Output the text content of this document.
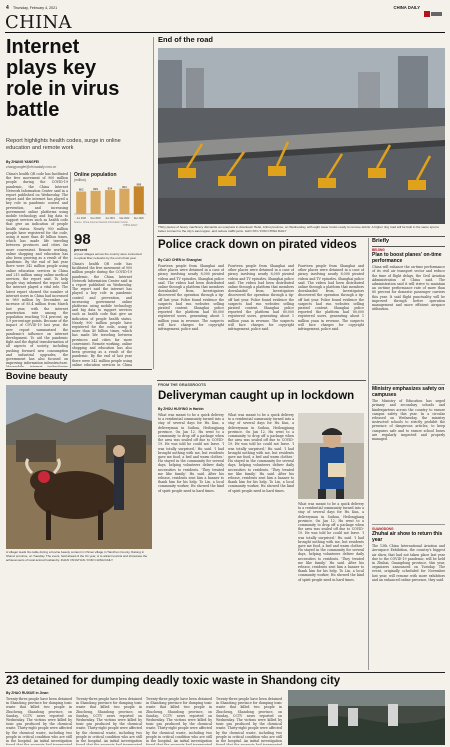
4 Thursday, February 4, 2021	CHINA DAILY
CHINA
Internet plays key role in virus battle
Report highlights health codes, surge in online education and remote work
By ZHANG YANGFEI
zhangyangfei@chinadaily.com.cn
China's health QR code has facilitated the free movement of 900 million people during the COVID-19 pandemic, the China Internet Network Information Center said in a report published on Wednesday. The report said the internet has played a key role in pandemic control and prevention, and increasing government online platforms using mobile technology and big data to support services such as health code that give an indication of people health status. Nearly 900 million people have registered for the code, using it more than 40 billion times, which has made life traveling between provinces and cities far more convenient. Remote working, online shopping and education has also been growing as a result of the pandemic. By the end of last year there were 342 million people using online education services in China and 215 million using online medical services, the report said. To help people stay informed the report said the internet played a vital role. The latest report showed the number of internet users in China had increased to 989 million by December, an increase of 85.4 million from March last year, with the internet penetration rate among the population reaching 70.4 percent, up 5.9 percentage points. Because of the impact of COVID-19 last year, the new report summarized the pandemic's influence on internet development. To aid the pandemic fight and the digital transformation of all aspects of society, including pushing forward new consumption and industrial upgrades, the government has also focused on improving information infrastructure.
China's health QR code has facilitated the free movement of 900 million people during the COVID-19 pandemic, the China Internet Network Information Center said in a report published on Wednesday. The report said the internet has played a key role in pandemic control and prevention, and increasing government online platforms using mobile technology and big data to support services such as health code that give an indication of people health status. Nearly 900 million people have registered for the code, using it more than 40 billion times, which has made life traveling between provinces and cities far more convenient. Remote working, online shopping and education has also been growing as a result of the pandemic. By the end of last year there were 342 million people using online education services in China
Online population
(million)
802
Jun 2018
829
Dec 2018
854
Jun 2019
904
Mar 2020
989
Dec 2020
Source: China Internet Network Information Center
CHINA DAILY
98
percent
of poor villages across the country were connected to optical fiber networks by the end of last year.
Bovine beauty
A villager leads his cattle during a bovine beauty contest in Chimei village in Tianzhen County, Datong in Shanxi province, on Tuesday. The event, held ahead of the Ox year, is to attract tourists and showcase the achievements of local animal husbandry. ZHAN YANGTIAN / FOR CHINA DAILY
End of the road
Thirty pieces of heavy machinery dismantle an overpass in downtown Hefei, Anhui province, on Wednesday, with eight tower trucks ready to remove debris. A higher ring road will be built in the same spot to better connect to the city's east region, and reduce traffic jams. GAO XIN / FOR CHINA DAILY
Police crack down on pirated videos
By CAO CHEN in Shanghai
Fourteen people from Shanghai and other places were detained in a case of piracy involving nearly 8,000 pirated videos and TV episodes, Shanghai police said. The videos had been distributed online through a platform that members downloaded from. Investigators discovered the operation through a tip-off last year. Police found evidence the suspects had run websites selling pirated content. Shanghai police reported the platform had 80,000 registered users, generating about 1 million yuan in revenue. The suspects will face charges for copyright infringement, police said.
Fourteen people from Shanghai and other places were detained in a case of piracy involving nearly 8,000 pirated videos and TV episodes, Shanghai police said. The videos had been distributed online through a platform that members downloaded from. Investigators discovered the operation through a tip-off last year. Police found evidence the suspects had run websites selling pirated content. Shanghai police reported the platform had 80,000 registered users, generating about 1 million yuan in revenue. The suspects will face charges for copyright infringement, police said.
Fourteen people from Shanghai and other places were detained in a case of piracy involving nearly 8,000 pirated videos and TV episodes, Shanghai police said. The videos had been distributed online through a platform that members downloaded from. Investigators discovered the operation through a tip-off last year. Police found evidence the suspects had run websites selling pirated content. Shanghai police reported the platform had 80,000 registered users, generating about 1 million yuan in revenue. The suspects will face charges for copyright infringement, police said.
Briefly
BEIJING
Plan to boost planes' on-time performance
China will enhance the on-time performance of its civil air transport sector and reduce the time of flight delays, the Civil Aviation Administration of China said. The administration said it will strive to maintain an on-time performance rate of more than 80 percent for domestic passenger carriers this year. It said flight punctuality will be improved through better operation management and more efficient airspace utilization.
Ministry emphasizes safety on campuses
The Ministry of Education has urged primary and secondary schools and kindergartens across the country to ensure campus safety this year. In a circular released on Wednesday, the ministry instructed schools to strictly prohibit the presence of dangerous articles, to keep campuses safe and to ensure school buses are regularly inspected and properly managed.
GUANGDONG
Zhuhai air show to return this year
The 13th China International Aviation and Aerospace Exhibition, the country's biggest air show, that had not taken place last year due to the COVID-19 pandemic, will be held in Zhuhai, Guangdong province, this year, organizers announced on Tuesday. The event, originally scheduled for November last year, will resume with more exhibitors and an enhanced online presence, they said.
FROM THE GRASSROOTS
Deliveryman caught up in lockdown
By ZHOU HUIYING in Harbin
What was meant to be a quick delivery to a residential community turned into a stay of several days for Hu Kun, a deliveryman in Suihua, Heilongjiang province. On Jan 12, Hu went to a community to drop off a package when the area was sealed off due to COVID-19. He was told he could not leave. 'I was totally surprised,' Hu said. 'I had brought nothing with me, but residents gave me food, a bed and warm clothes.' Hu stayed in the community for several days, helping volunteers deliver daily necessities to residents. 'They treated me like family,' Hu said. After his release, residents sent him a banner to thank him for his help. To Lin, a local community worker, Hu showed the kind of spirit people need in hard times.
What was meant to be a quick delivery to a residential community turned into a stay of several days for Hu Kun, a deliveryman in Suihua, Heilongjiang province. On Jan 12, Hu went to a community to drop off a package when the area was sealed off due to COVID-19. He was told he could not leave. 'I was totally surprised,' Hu said. 'I had brought nothing with me, but residents gave me food, a bed and warm clothes.' Hu stayed in the community for several days, helping volunteers deliver daily necessities to residents. 'They treated me like family,' Hu said. After his release, residents sent him a banner to thank him for his help. To Lin, a local community worker, Hu showed the kind of spirit people need in hard times.
What was meant to be a quick delivery to a residential community turned into a stay of several days for Hu Kun, a deliveryman in Suihua, Heilongjiang province. On Jan 12, Hu went to a community to drop off a package when the area was sealed off due to COVID-19. He was told he could not leave. 'I was totally surprised,' Hu said. 'I had brought nothing with me, but residents gave me food, a bed and warm clothes.' Hu stayed in the community for several days, helping volunteers deliver daily necessities to residents. 'They treated me like family,' Hu said. After his release, residents sent him a banner to thank him for his help. To Lin, a local community worker, Hu showed the kind of spirit people need in hard times.
23 detained for dumping deadly toxic waste in Shandong city
By ZHAO RUIXUE in Jinan
Twenty-three people have been detained in Shandong province for dumping toxic waste that killed two people in Zhucheng, Shandong province, on Sunday, CCTV news reported on Wednesday. The victims were killed by toxic gas produced by the chemical waste. Thirty-eight people were affected by the chemical waste, including two people in critical condition who are still in the hospital. An initial investigation
Twenty-three people have been detained in Shandong province for dumping toxic waste that killed two people in Zhucheng, Shandong province, on Sunday, CCTV news reported on Wednesday. The victims were killed by toxic gas produced by the chemical waste. Thirty-eight people were affected by the chemical waste, including two people in critical condition who are still in the hospital. An initial investigation
Twenty-three people have been detained in Shandong province for dumping toxic waste that killed two people in Zhucheng, Shandong province, on Sunday, CCTV news reported on Wednesday. The victims were killed by toxic gas produced by the chemical waste. Thirty-eight people were affected by the chemical waste, including two people in critical condition who are still in the hospital. An initial investigation
Twenty-three people have been detained in Shandong province for dumping toxic waste that killed two people in Zhucheng, Shandong province, on Sunday, CCTV news reported on Wednesday. The victims were killed by toxic gas produced by the chemical waste. Thirty-eight people were affected by the chemical waste, including two people in critical condition who are still in the hospital. An initial investigation
